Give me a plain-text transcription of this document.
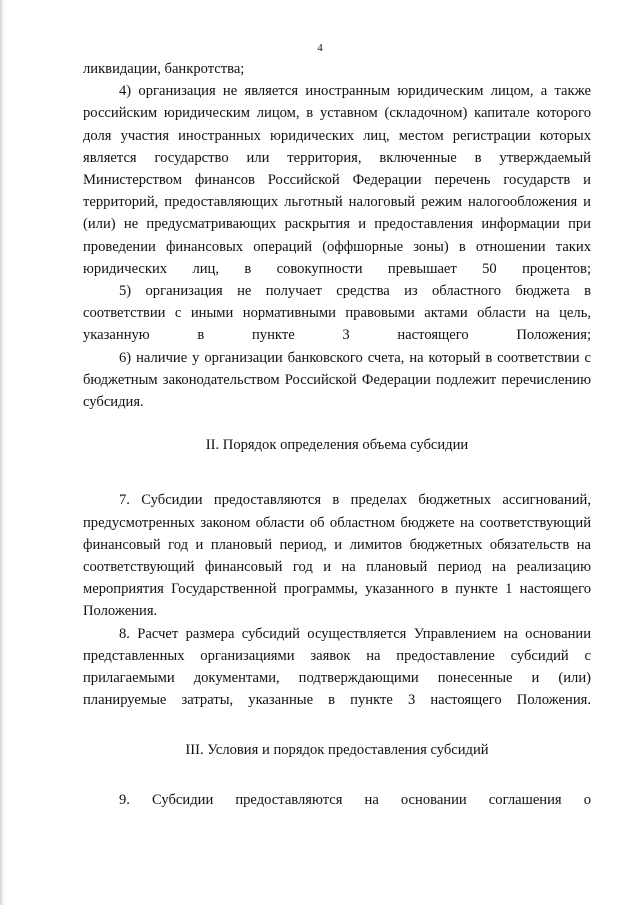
4

ликвидации, банкротства;

4) организация не является иностранным юридическим лицом, а также российским юридическим лицом, в уставном (складочном) капитале которого доля участия иностранных юридических лиц, местом регистрации которых является государство или территория, включенные в утверждаемый Министерством финансов Российской Федерации перечень государств и территорий, предоставляющих льготный налоговый режим налогообложения и (или) не предусматривающих раскрытия и предоставления информации при проведении финансовых операций (оффшорные зоны) в отношении таких юридических лиц, в совокупности превышает 50 процентов;

5) организация не получает средства из областного бюджета в соответствии с иными нормативными правовыми актами области на цель, указанную в пункте 3 настоящего Положения;

6) наличие у организации банковского счета, на который в соответствии с бюджетным законодательством Российской Федерации подлежит перечислению субсидия.

II. Порядок определения объема субсидии

7. Субсидии предоставляются в пределах бюджетных ассигнований, предусмотренных законом области об областном бюджете на соответствующий финансовый год и плановый период, и лимитов бюджетных обязательств на соответствующий финансовый год и на плановый период на реализацию мероприятия Государственной программы, указанного в пункте 1 настоящего Положения.

8. Расчет размера субсидий осуществляется Управлением на основании представленных организациями заявок на предоставление субсидий с прилагаемыми документами, подтверждающими понесенные и (или) планируемые затраты, указанные в пункте 3 настоящего Положения.

III. Условия и порядок предоставления субсидий

9. Субсидии предоставляются на основании соглашения о
